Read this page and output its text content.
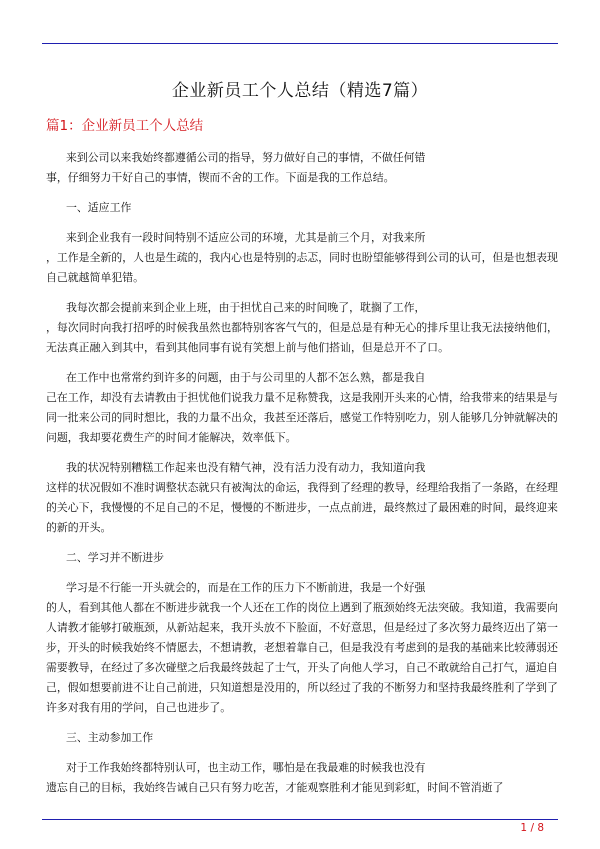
企业新员工个人总结（精选7篇）
篇1：企业新员工个人总结

来到公司以来我始终都遵循公司的指导，努力做好自己的事情，不做任何错
事，仔细努力干好自己的事情，锲而不舍的工作。下面是我的工作总结。

一、适应工作

来到企业我有一段时间特别不适应公司的环境，尤其是前三个月，对我来所
，工作是全新的，人也是生疏的，我内心也是特别的忐忑，同时也盼望能够得到公司的认可，但是也想表现自己就越简单犯错。

我每次都会提前来到企业上班，由于担忧自己来的时间晚了，耽搁了工作，
，每次同时向我打招呼的时候我虽然也都特别客客气气的，但是总是有种无心的排斥里让我无法接纳他们，无法真正融入到其中，看到其他同事有说有笑想上前与他们搭讪，但是总开不了口。

在工作中也常常约到许多的问题，由于与公司里的人都不怎么熟，都是我自
己在工作，却没有去请教由于担忧他们说我力量不足称赞我，这是我刚开头来的心情，给我带来的结果是与同一批来公司的同时想比，我的力量不出众，我甚至还落后，感觉工作特别吃力，别人能够几分钟就解决的问题，我却要花费生产的时间才能解决，效率低下。

我的状况特别糟糕工作起来也没有精气神，没有活力没有动力，我知道向我
这样的状况假如不准时调整状态就只有被淘汰的命运，我得到了经理的教导，经理给我指了一条路，在经理的关心下，我慢慢的不足自己的不足，慢慢的不断进步，一点点前进，最终熬过了最困难的时间，最终迎来的新的开头。

二、学习并不断进步

学习是不行能一开头就会的，而是在工作的压力下不断前进，我是一个好强
的人，看到其他人都在不断进步就我一个人还在工作的岗位上遇到了瓶颈始终无法突破。我知道，我需要向人请教才能够打破瓶颈，从新站起来，我开头放不下脸面，不好意思，但是经过了多次努力最终迈出了第一步，开头的时候我始终不情愿去，不想请教，老想着靠自己，但是我没有考虑到的是我的基础来比较薄弱还需要教导，在经过了多次碰壁之后我最终鼓起了士气，开头了向他人学习，自己不敢就给自己打气，逼迫自己，假如想要前进不让自己前进，只知道想是没用的，所以经过了我的不断努力和坚持我最终胜利了学到了许多对我有用的学问，自己也进步了。

三、主动参加工作

对于工作我始终都特别认可，也主动工作，哪怕是在我最难的时候我也没有
遗忘自己的目标，我始终告诫自己只有努力吃苦，才能观察胜利才能见到彩虹，时间不管消逝了

1 / 8
